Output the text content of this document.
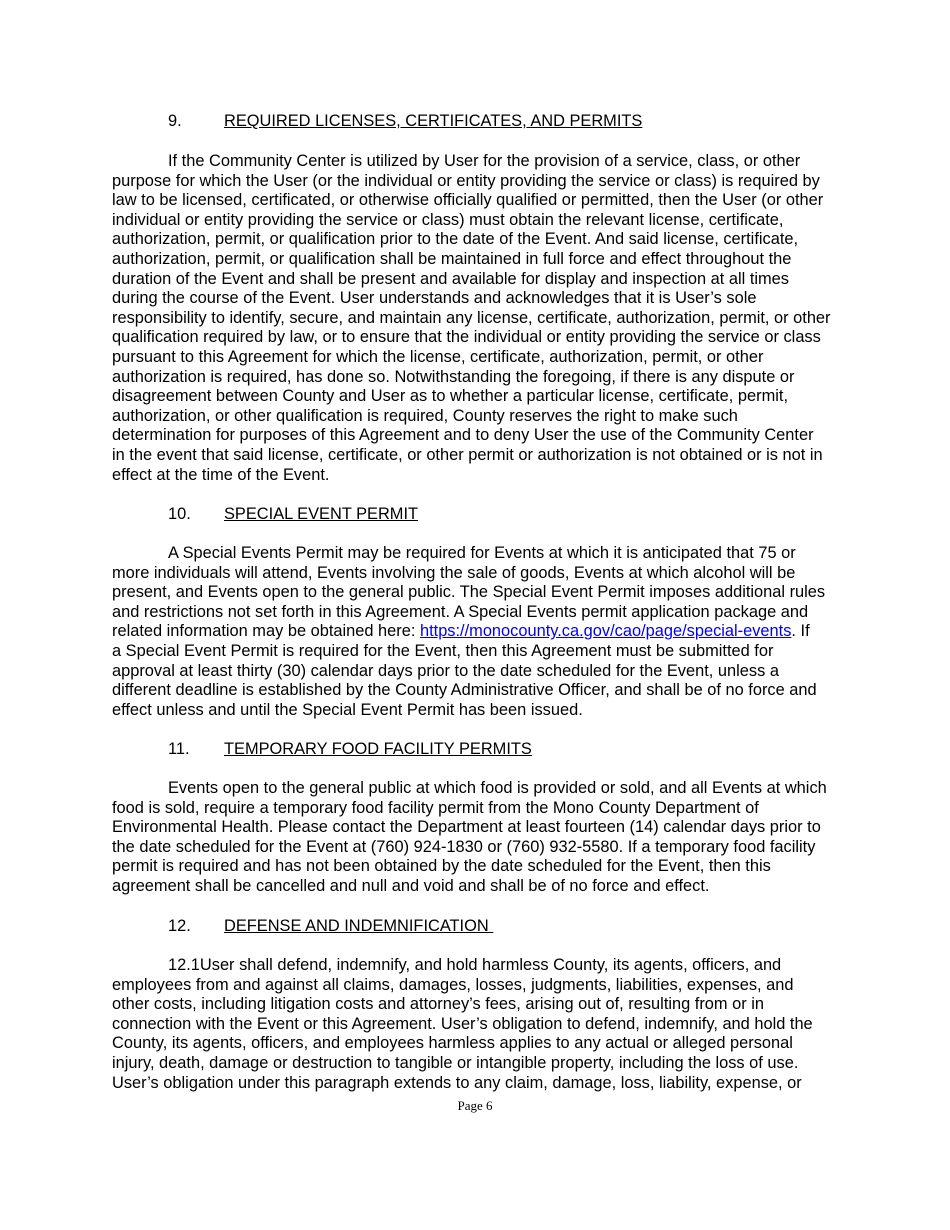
9.	REQUIRED LICENSES, CERTIFICATES, AND PERMITS
If the Community Center is utilized by User for the provision of a service, class, or other
purpose for which the User (or the individual or entity providing the service or class) is required by
law to be licensed, certificated, or otherwise officially qualified or permitted, then the User (or other
individual or entity providing the service or class) must obtain the relevant license, certificate,
authorization, permit, or qualification prior to the date of the Event. And said license, certificate,
authorization, permit, or qualification shall be maintained in full force and effect throughout the
duration of the Event and shall be present and available for display and inspection at all times
during the course of the Event. User understands and acknowledges that it is User’s sole
responsibility to identify, secure, and maintain any license, certificate, authorization, permit, or other
qualification required by law, or to ensure that the individual or entity providing the service or class
pursuant to this Agreement for which the license, certificate, authorization, permit, or other
authorization is required, has done so. Notwithstanding the foregoing, if there is any dispute or
disagreement between County and User as to whether a particular license, certificate, permit,
authorization, or other qualification is required, County reserves the right to make such
determination for purposes of this Agreement and to deny User the use of the Community Center
in the event that said license, certificate, or other permit or authorization is not obtained or is not in
effect at the time of the Event.
10. SPECIAL EVENT PERMIT
A Special Events Permit may be required for Events at which it is anticipated that 75 or
more individuals will attend, Events involving the sale of goods, Events at which alcohol will be
present, and Events open to the general public. The Special Event Permit imposes additional rules
and restrictions not set forth in this Agreement. A Special Events permit application package and
related information may be obtained here: https://monocounty.ca.gov/cao/page/special-events. If
a Special Event Permit is required for the Event, then this Agreement must be submitted for
approval at least thirty (30) calendar days prior to the date scheduled for the Event, unless a
different deadline is established by the County Administrative Officer, and shall be of no force and
effect unless and until the Special Event Permit has been issued.
11. TEMPORARY FOOD FACILITY PERMITS
Events open to the general public at which food is provided or sold, and all Events at which
food is sold, require a temporary food facility permit from the Mono County Department of
Environmental Health. Please contact the Department at least fourteen (14) calendar days prior to
the date scheduled for the Event at (760) 924-1830 or (760) 932-5580. If a temporary food facility
permit is required and has not been obtained by the date scheduled for the Event, then this
agreement shall be cancelled and null and void and shall be of no force and effect.
12. DEFENSE AND INDEMNIFICATION
12.1User shall defend, indemnify, and hold harmless County, its agents, officers, and
employees from and against all claims, damages, losses, judgments, liabilities, expenses, and
other costs, including litigation costs and attorney’s fees, arising out of, resulting from or in
connection with the Event or this Agreement. User’s obligation to defend, indemnify, and hold the
County, its agents, officers, and employees harmless applies to any actual or alleged personal
injury, death, damage or destruction to tangible or intangible property, including the loss of use.
User’s obligation under this paragraph extends to any claim, damage, loss, liability, expense, or
Page 6
